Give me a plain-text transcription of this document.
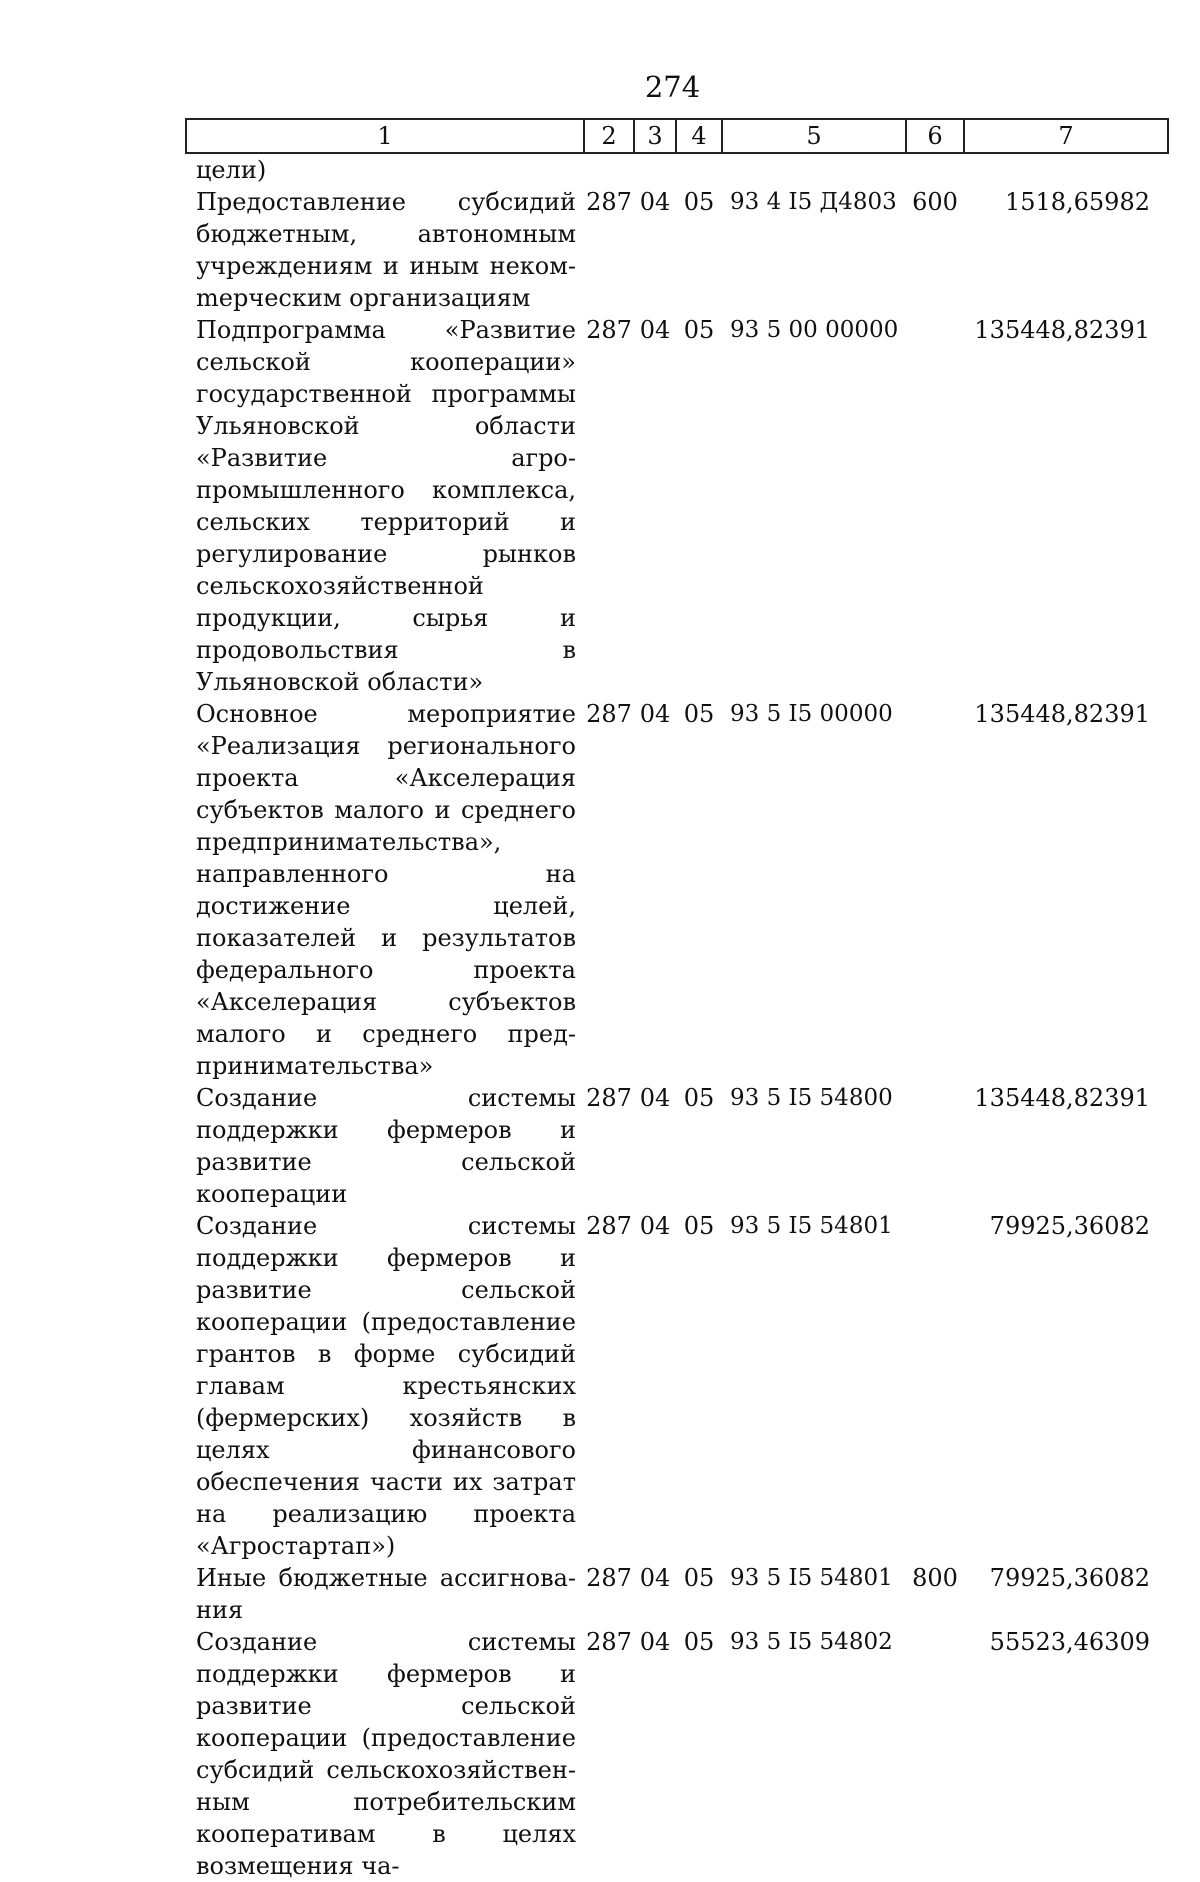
274
1	2	3	4	5	6	7
цели)						
Предоставление субсидий бюджетным, автономным учреждениям и иным некомmерческим организациям	287	04	05	93 4 I5 Д4803	600	1518,65982
Подпрограмма «Развитие сельской кооперации» государственной программы Ульяновской области «Развитие агропромышленного комплекса, сельских территорий и регулирование рынков сельскохозяйственной продукции, сырья и продовольствия в Ульяновской области»	287	04	05	93 5 00 00000		135448,82391
Основное мероприятие «Реализация регионального проекта «Акселерация субъектов малого и среднего предпринимательства», направленного на достижение целей, показателей и результатов федерального проекта «Акселерация субъектов малого и среднего предпринимательства»	287	04	05	93 5 I5 00000		135448,82391
Создание системы поддержки фермеров и развитие сельской кооперации	287	04	05	93 5 I5 54800		135448,82391
Создание системы поддержки фермеров и развитие сельской кооперации (предоставление грантов в форме субсидий главам крестьянских (фермерских) хозяйств в целях финансового обеспечения части их затрат на реализацию проекта «Агростартап»)	287	04	05	93 5 I5 54801		79925,36082
Иные бюджетные ассигнования	287	04	05	93 5 I5 54801	800	79925,36082
Создание системы поддержки фермеров и развитие сельской кооперации (предоставление субсидий сельскохозяйственным потребительским кооперативам в целях возмещения ча-	287	04	05	93 5 I5 54802		55523,46309
